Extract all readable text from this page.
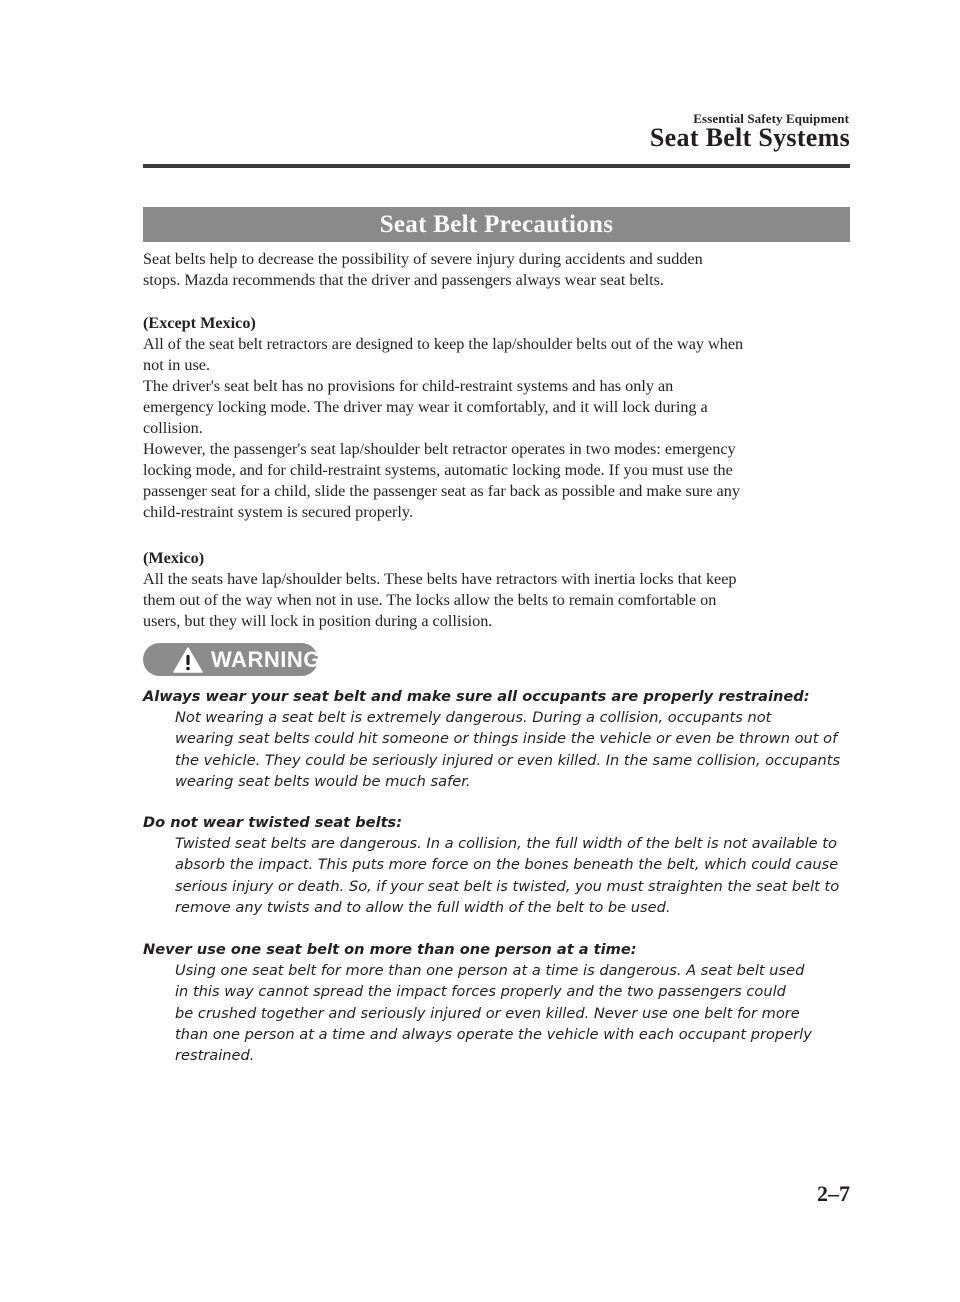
Essential Safety Equipment
Seat Belt Systems
Seat Belt Precautions

Seat belts help to decrease the possibility of severe injury during accidents and sudden

stops. Mazda recommends that the driver and passengers always wear seat belts.

(Except Mexico)

All of the seat belt retractors are designed to keep the lap/shoulder belts out of the way when

not in use.

The driver's seat belt has no provisions for child-restraint systems and has only an

emergency locking mode. The driver may wear it comfortably, and it will lock during a

collision.

However, the passenger's seat lap/shoulder belt retractor operates in two modes: emergency

locking mode, and for child-restraint systems, automatic locking mode. If you must use the

passenger seat for a child, slide the passenger seat as far back as possible and make sure any

child-restraint system is secured properly.

(Mexico)

All the seats have lap/shoulder belts. These belts have retractors with inertia locks that keep

them out of the way when not in use. The locks allow the belts to remain comfortable on

users, but they will lock in position during a collision.

WARNING
Always wear your seat belt and make sure all occupants are properly restrained:
Not wearing a seat belt is extremely dangerous. During a collision, occupants not
wearing seat belts could hit someone or things inside the vehicle or even be thrown out of
the vehicle. They could be seriously injured or even killed. In the same collision, occupants
wearing seat belts would be much safer.
Do not wear twisted seat belts:
Twisted seat belts are dangerous. In a collision, the full width of the belt is not available to
absorb the impact. This puts more force on the bones beneath the belt, which could cause
serious injury or death. So, if your seat belt is twisted, you must straighten the seat belt to
remove any twists and to allow the full width of the belt to be used.
Never use one seat belt on more than one person at a time:
Using one seat belt for more than one person at a time is dangerous. A seat belt used
in this way cannot spread the impact forces properly and the two passengers could
be crushed together and seriously injured or even killed. Never use one belt for more
than one person at a time and always operate the vehicle with each occupant properly
restrained.
2–7
